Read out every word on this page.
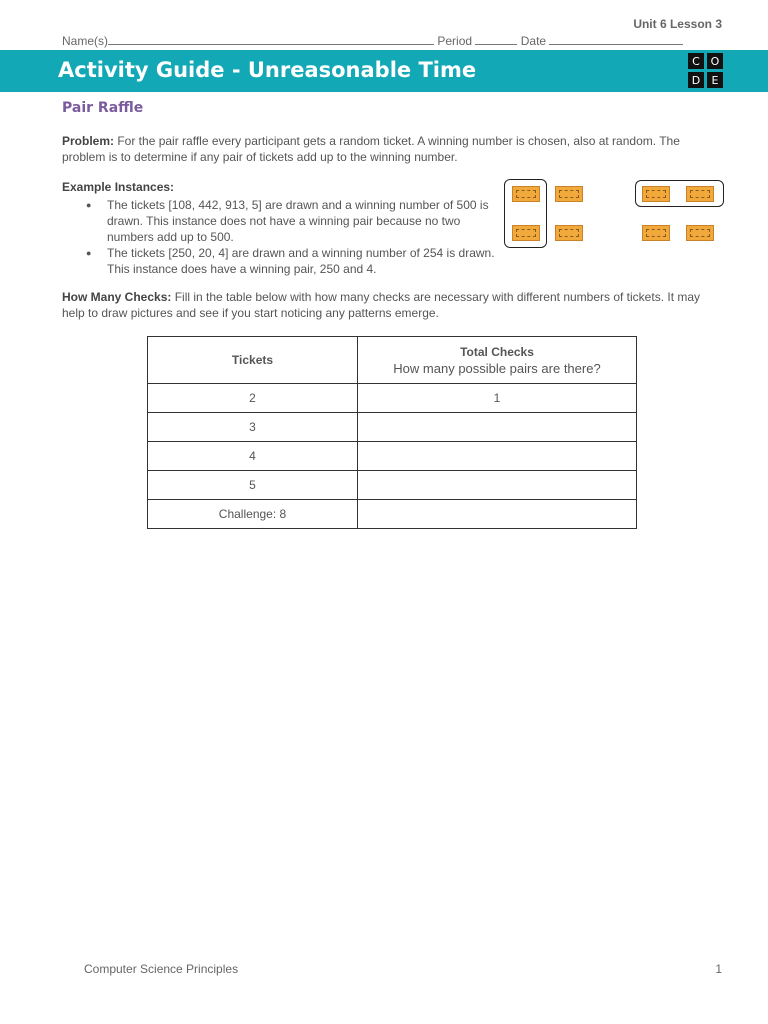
Unit 6 Lesson 3
Name(s)	Period	Date
Activity Guide - Unreasonable Time	C O
D	E
Pair Raffle
Problem: For the pair raffle every participant gets a random ticket. A winning number is chosen, also at random. The problem is to determine if any pair of tickets add up to the winning number.
Example Instances:
● The tickets [108, 442, 913, 5] are drawn and a winning number of 500 is drawn. This instance does not have a winning pair because no two numbers add up to 500.
● The tickets [250, 20, 4] are drawn and a winning number of 254 is drawn. This instance does have a winning pair, 250 and 4.
How Many Checks: Fill in the table below with how many checks are necessary with different numbers of tickets. It may help to draw pictures and see if you start noticing any patterns emerge.
Tickets	Total Checks
How many possible pairs are there?

2	1
3	
4	
5	
Challenge: 8	
Computer Science Principles	1
